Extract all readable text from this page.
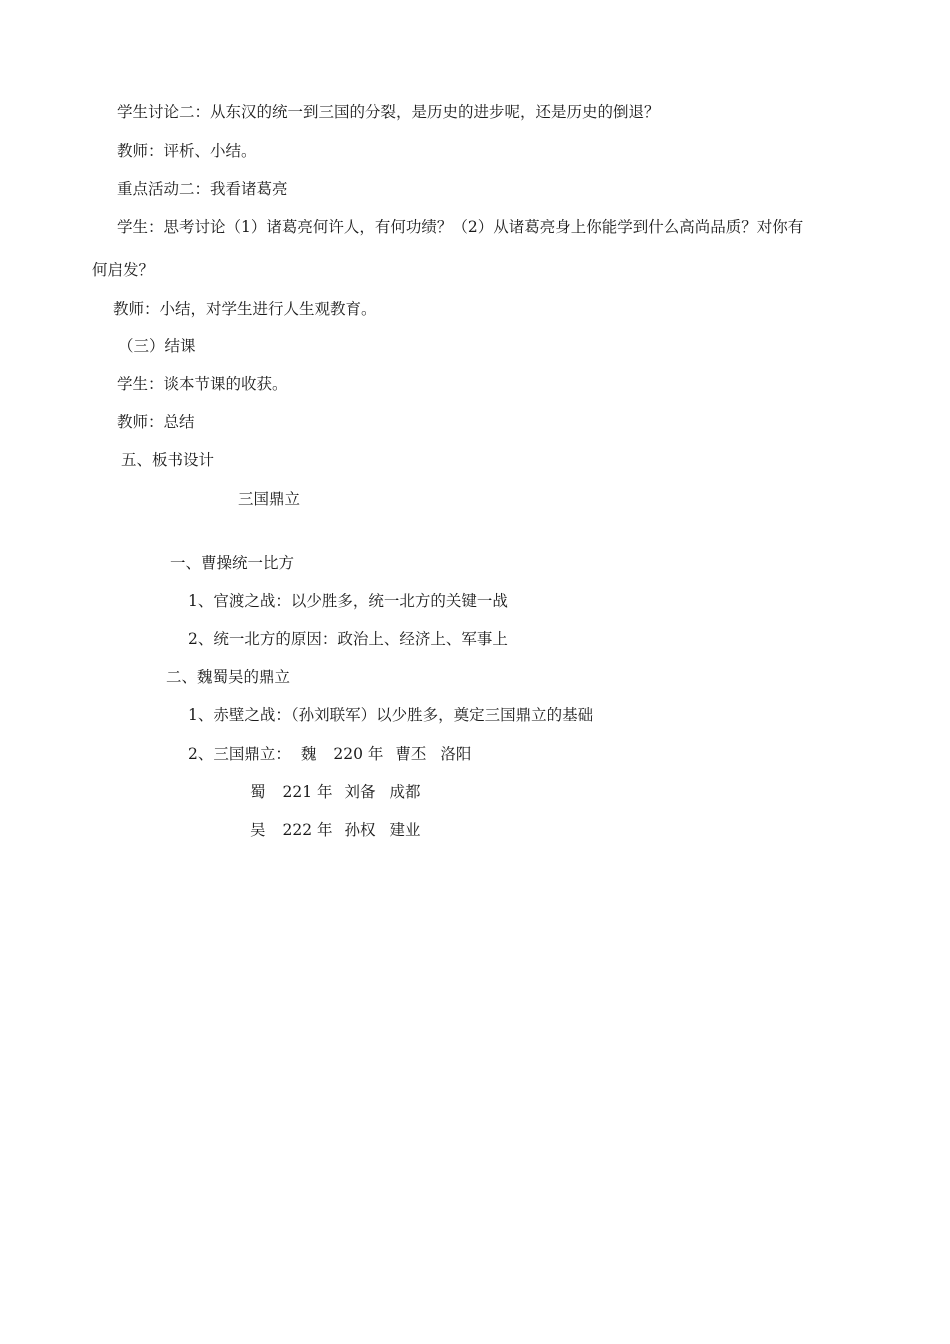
学生讨论二：从东汉的统一到三国的分裂，是历史的进步呢，还是历史的倒退？
教师：评析、小结。
重点活动二：我看诸葛亮
学生：思考讨论（1）诸葛亮何许人，有何功绩？（2）从诸葛亮身上你能学到什么高尚品质？对你有
何启发？
教师：小结，对学生进行人生观教育。
（三）结课
学生：谈本节课的收获。
教师：总结
五、板书设计
三国鼎立
一、曹操统一比方
1、官渡之战：以少胜多，统一北方的关键一战
2、统一北方的原因：政治上、经济上、军事上
二、魏蜀吴的鼎立
1、赤壁之战：（孙刘联军）以少胜多，奠定三国鼎立的基础
2、三国鼎立： 魏 220 年 曹丕 洛阳
蜀 221 年 刘备 成都
吴 222 年 孙权 建业
